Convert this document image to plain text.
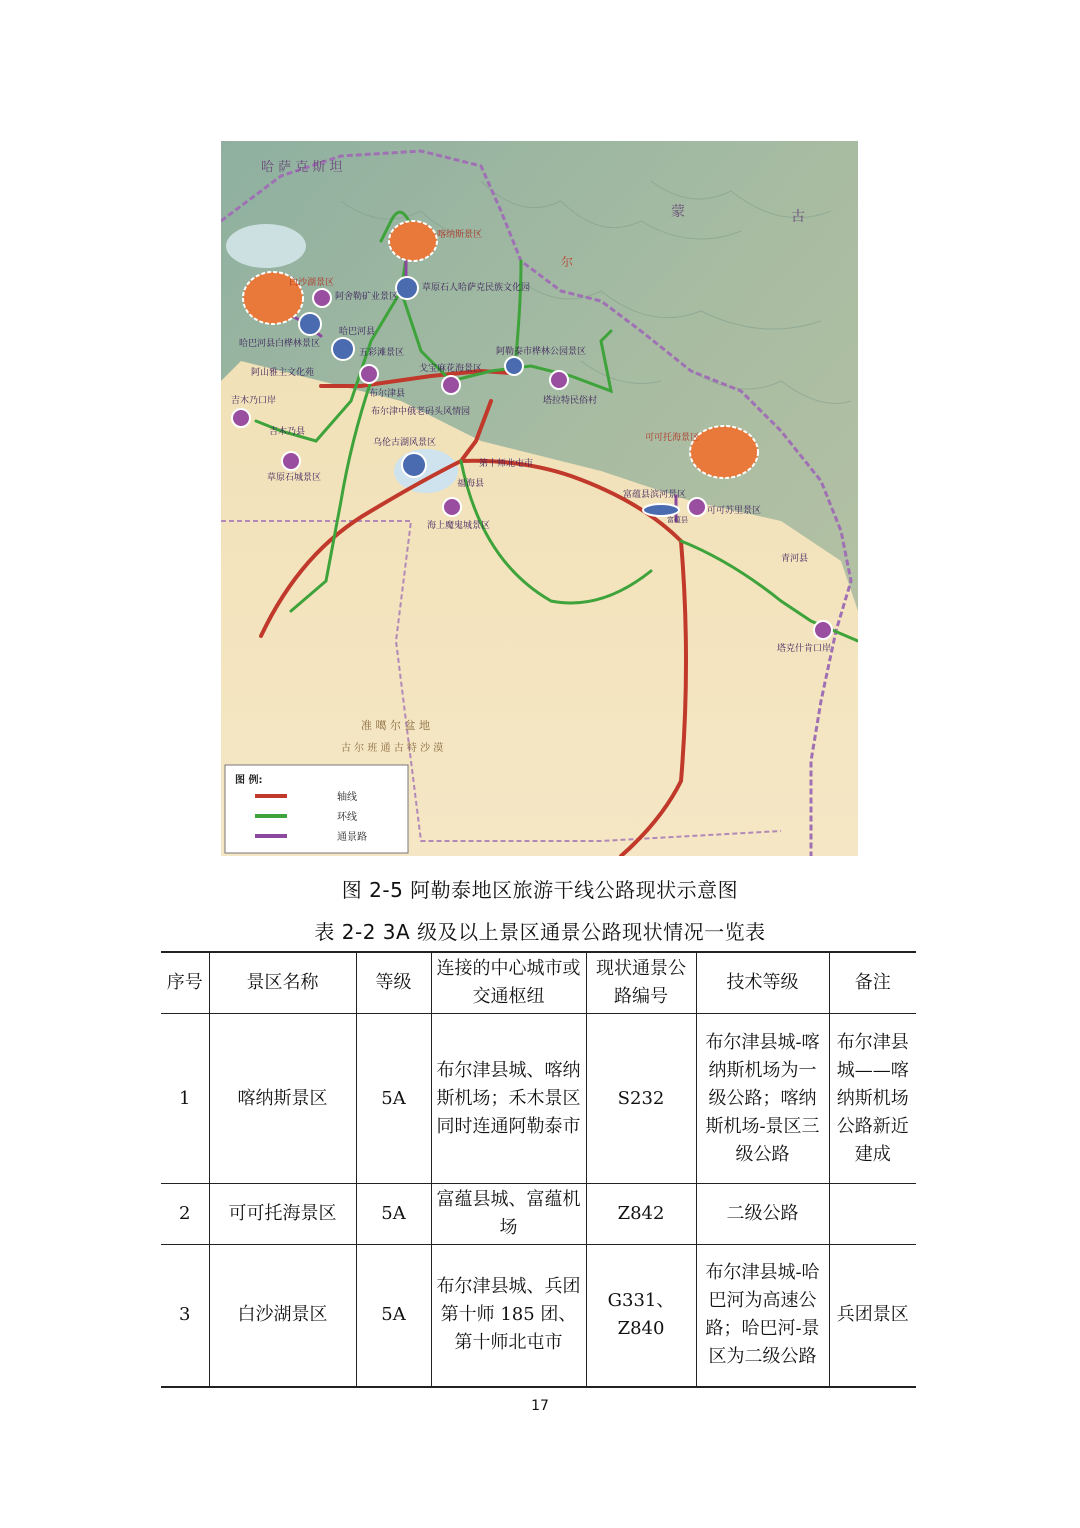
哈 萨 克 斯 坦
蒙	古
尔
喀纳斯景区
白沙湖景区
阿舍勒矿业景区
草原石人哈萨克民族文化园
哈巴河县
哈巴河县白桦林景区
五彩滩景区
阿山雅主文化苑
阿勒泰市桦林公园景区
戈宝麻花海景区
布尔津县
吉木乃口岸	塔拉特民俗村
布尔津中俄老码头风情园
吉木乃县
乌伦古湖风景区
第十师北屯市
可可托海景区
草原石城景区
福海县
富蕴县滨河景区
可可苏里景区
富蕴县
海上魔鬼城景区
青河县
塔克什肯口岸
准 噶 尔 盆 地
古 尔 班 通 古 特 沙 漠
图 例:
轴线
环线
通景路
图 2-5 阿勒泰地区旅游干线公路现状示意图
表 2-2 3A 级及以上景区通景公路现状情况一览表
序号	景区名称	等级	连接的中心城市或交通枢纽	现状通景公路编号	技术等级	备注
1	喀纳斯景区	5A	布尔津县城、喀纳斯机场；禾木景区同时连通阿勒泰市	S232	布尔津县城-喀纳斯机场为一级公路；喀纳斯机场-景区三级公路	布尔津县城——喀纳斯机场公路新近建成
2	可可托海景区	5A	富蕴县城、富蕴机场	Z842	二级公路	
3	白沙湖景区	5A	布尔津县城、兵团第十师 185 团、第十师北屯市	G331、Z840	布尔津县城-哈巴河为高速公路；哈巴河-景区为二级公路	兵团景区
17
